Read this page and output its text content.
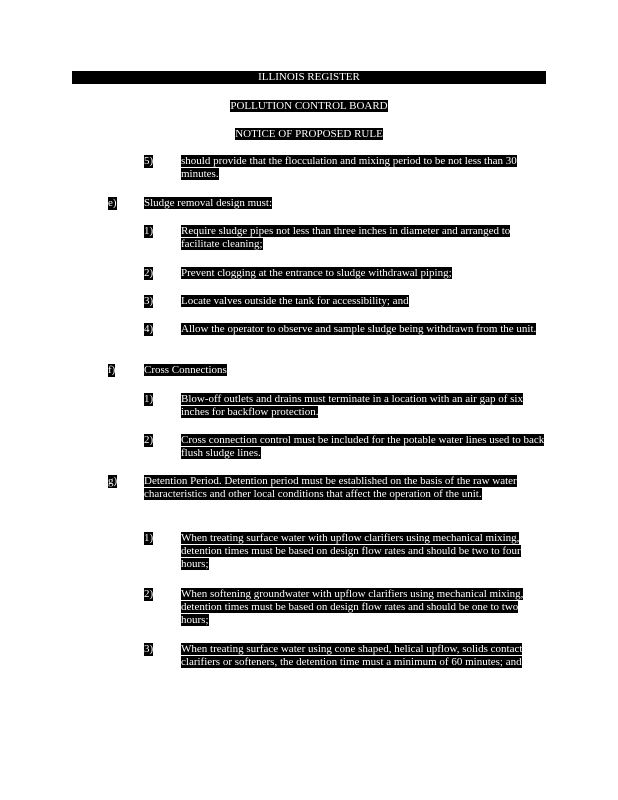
ILLINOIS REGISTER
POLLUTION CONTROL BOARD
NOTICE OF PROPOSED RULE
5)	should provide that the flocculation and mixing period to be not less than 30 minutes.
e) Sludge removal design must:
1)	Require sludge pipes not less than three inches in diameter and arranged to facilitate cleaning;
2)	Prevent clogging at the entrance to sludge withdrawal piping;
3)	Locate valves outside the tank for accessibility; and
4)	Allow the operator to observe and sample sludge being withdrawn from the unit.
f)	Cross Connections
1)	Blow-off outlets and drains must terminate in a location with an air gap of six inches for backflow protection.
2)	Cross connection control must be included for the potable water lines used to back flush sludge lines.
g) Detention Period. Detention period must be established on the basis of the raw water characteristics and other local conditions that affect the operation of the unit.
1)	When treating surface water with upflow clarifiers using mechanical mixing, detention times must be based on design flow rates and should be two to four hours;
2)	When softening groundwater with upflow clarifiers using mechanical mixing, detention times must be based on design flow rates and should be one to two hours;
3)	When treating surface water using cone shaped, helical upflow, solids contact clarifiers or softeners, the detention time must a minimum of 60 minutes; and
